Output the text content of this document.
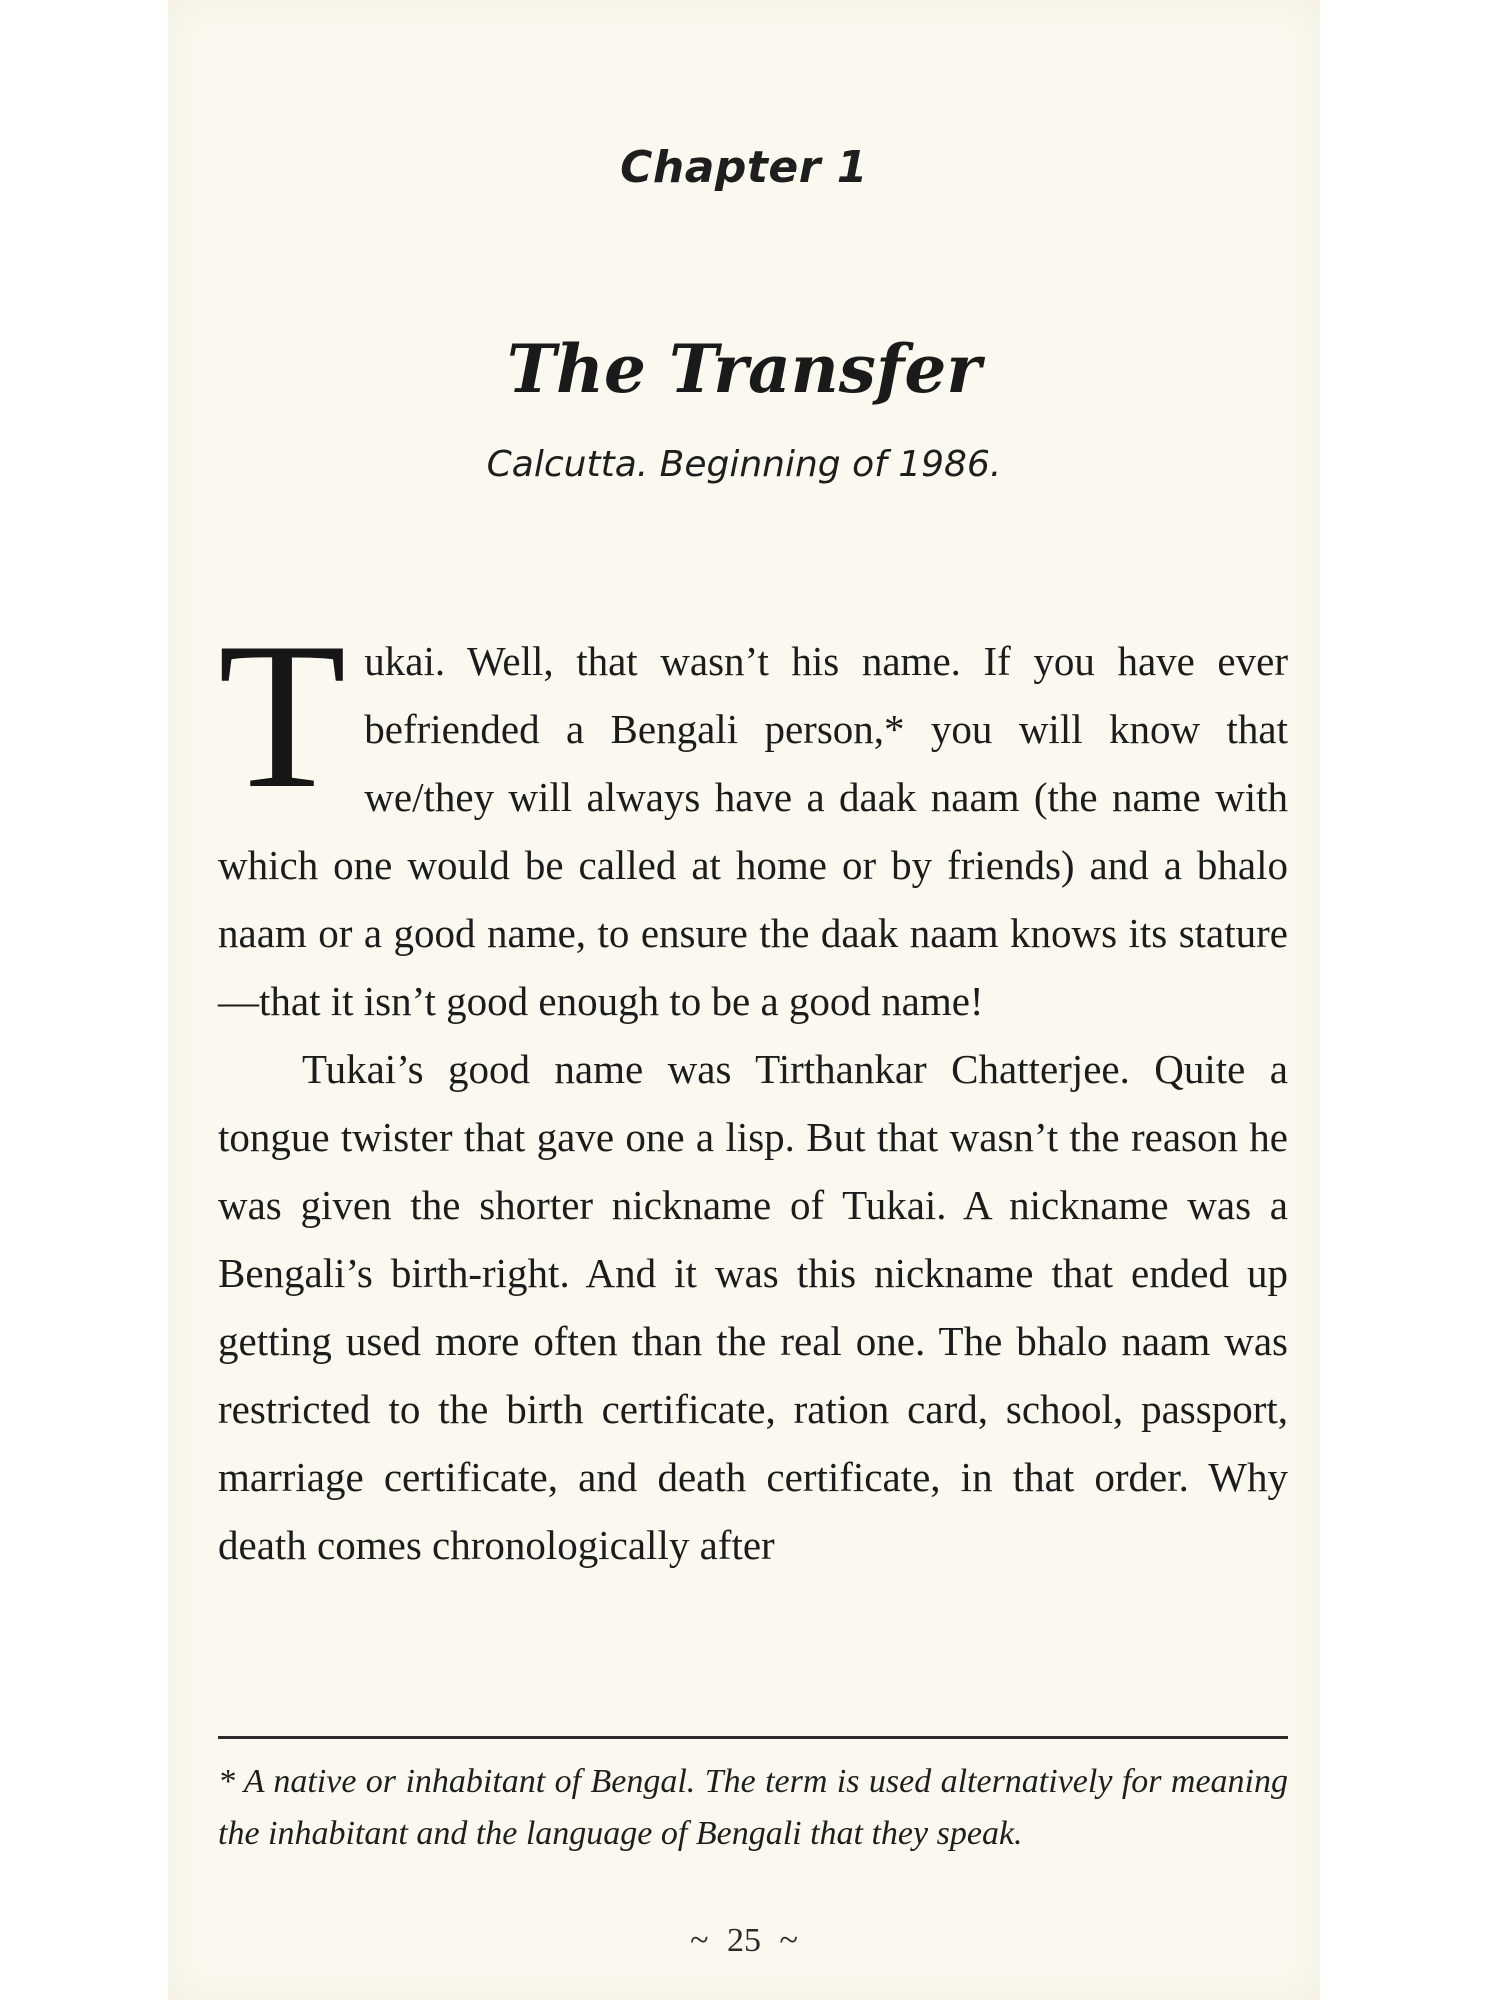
Chapter 1
The Transfer
Calcutta. Beginning of 1986.

Tukai. Well, that wasn’t his name. If you have ever befriended a Bengali person,* you will know that we/they will always have a daak naam (the name with which one would be called at home or by friends) and a bhalo naam or a good name, to ensure the daak naam knows its stature—that it isn’t good enough to be a good name!

Tukai’s good name was Tirthankar Chatterjee. Quite a tongue twister that gave one a lisp. But that wasn’t the reason he was given the shorter nickname of Tukai. A nickname was a Bengali’s birth-right. And it was this nickname that ended up getting used more often than the real one. The bhalo naam was restricted to the birth certificate, ration card, school, passport, marriage certificate, and death certificate, in that order. Why death comes chronologically after

* A native or inhabitant of Bengal. The term is used alternatively for meaning the inhabitant and the language of Bengali that they speak.
~ 25 ~
